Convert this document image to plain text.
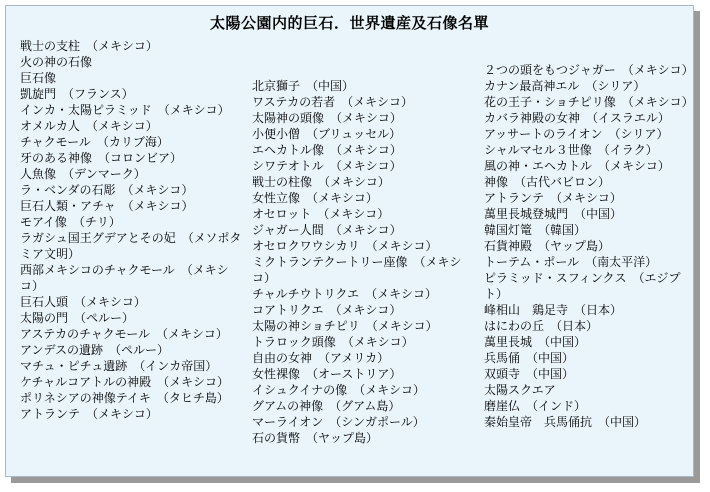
太陽公園内的巨石．世界遺産及石像名單
戦士の支柱　（メキシコ）
火の神の石像
巨石像
凱旋門　（フランス）
インカ・太陽ピラミッド　（メキシコ）
オメルカ人　（メキシコ）
チャクモール　（カリブ海）
牙のある神像　（コロンビア）
人魚像　（デンマーク）
ラ・ベンダの石彫　（メキシコ）
巨石人類・アチャ　（メキシコ）
モアイ像　（チリ）
ラガシュ国王グデアとその妃　（メソポタミア文明）
西部メキシコのチャクモール　（メキシコ）
巨石人頭　（メキシコ）
太陽の門　（ペルー）
アステカのチャクモール　（メキシコ）
アンデスの遺跡　（ペルー）
マチュ・ピチュ遺跡　（インカ帝国）
ケチャルコアトルの神殿　（メキシコ）
ポリネシアの神像テイキ　（タヒチ島）
アトランテ　（メキシコ）
北京獅子　（中国）
ワステカの若者　（メキシコ）
太陽神の頭像　（メキシコ）
小便小僧　（ブリュッセル）
エヘカトル像　（メキシコ）
シワテオトル　（メキシコ）
戦士の柱像　（メキシコ）
女性立像　（メキシコ）
オセロット　（メキシコ）
ジャガー人間　（メキシコ）
オセロクワウシカリ　（メキシコ）
ミクトランテクートリー座像　（メキシコ）
チャルチウトリクエ　（メキシコ）
コアトリクエ　（メキシコ）
太陽の神ショチピリ　（メキシコ）
トラロック頭像　（メキシコ）
自由の女神　（アメリカ）
女性裸像　（オーストリア）
イシュクイナの像　（メキシコ）
グアムの神像　（グアム島）
マーライオン　（シンガポール）
石の貨幣　（ヤップ島）
２つの頭をもつジャガー　（メキシコ）
カナン最高神エル　（シリア）
花の王子・ショチピリ像　（メキシコ）
カバラ神殿の女神　（イスラエル）
アッサートのライオン　（シリア）
シャルマセル３世像　（イラク）
風の神・エヘカトル　（メキシコ）
神像　（古代バビロン）
アトランテ　（メキシコ）
萬里長城登城門　（中国）
韓国灯篭　（韓国）
石貨神殿　（ヤップ島）
トーテム・ポール　（南太平洋）
ピラミッド・スフィンクス　（エジプト）
峰相山　鶏足寺　（日本）
はにわの丘　（日本）
萬里長城　（中国）
兵馬俑　（中国）
双頭寺　（中国）
太陽スクエア
磨崖仏　（インド）
秦始皇帝　兵馬俑抗　（中国）
